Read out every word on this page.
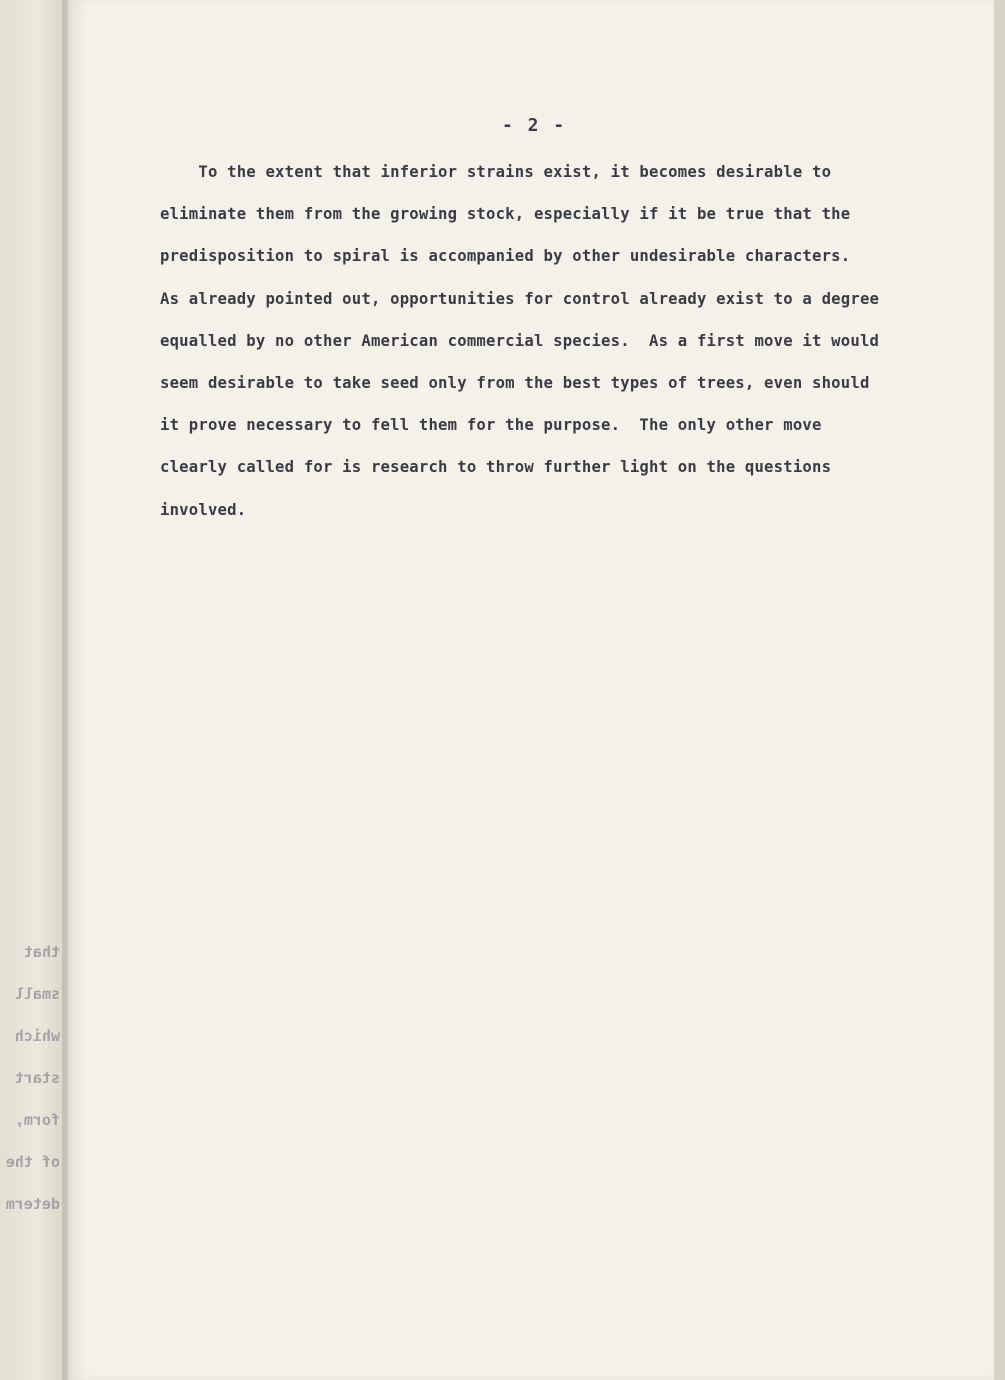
that
small
which
start
form,
of the
determ
- 2 -
To the extent that inferior strains exist, it becomes desirable to
eliminate them from the growing stock, especially if it be true that the
predisposition to spiral is accompanied by other undesirable characters.
As already pointed out, opportunities for control already exist to a degree
equalled by no other American commercial species.  As a first move it would
seem desirable to take seed only from the best types of trees, even should
it prove necessary to fell them for the purpose.  The only other move
clearly called for is research to throw further light on the questions
involved.
